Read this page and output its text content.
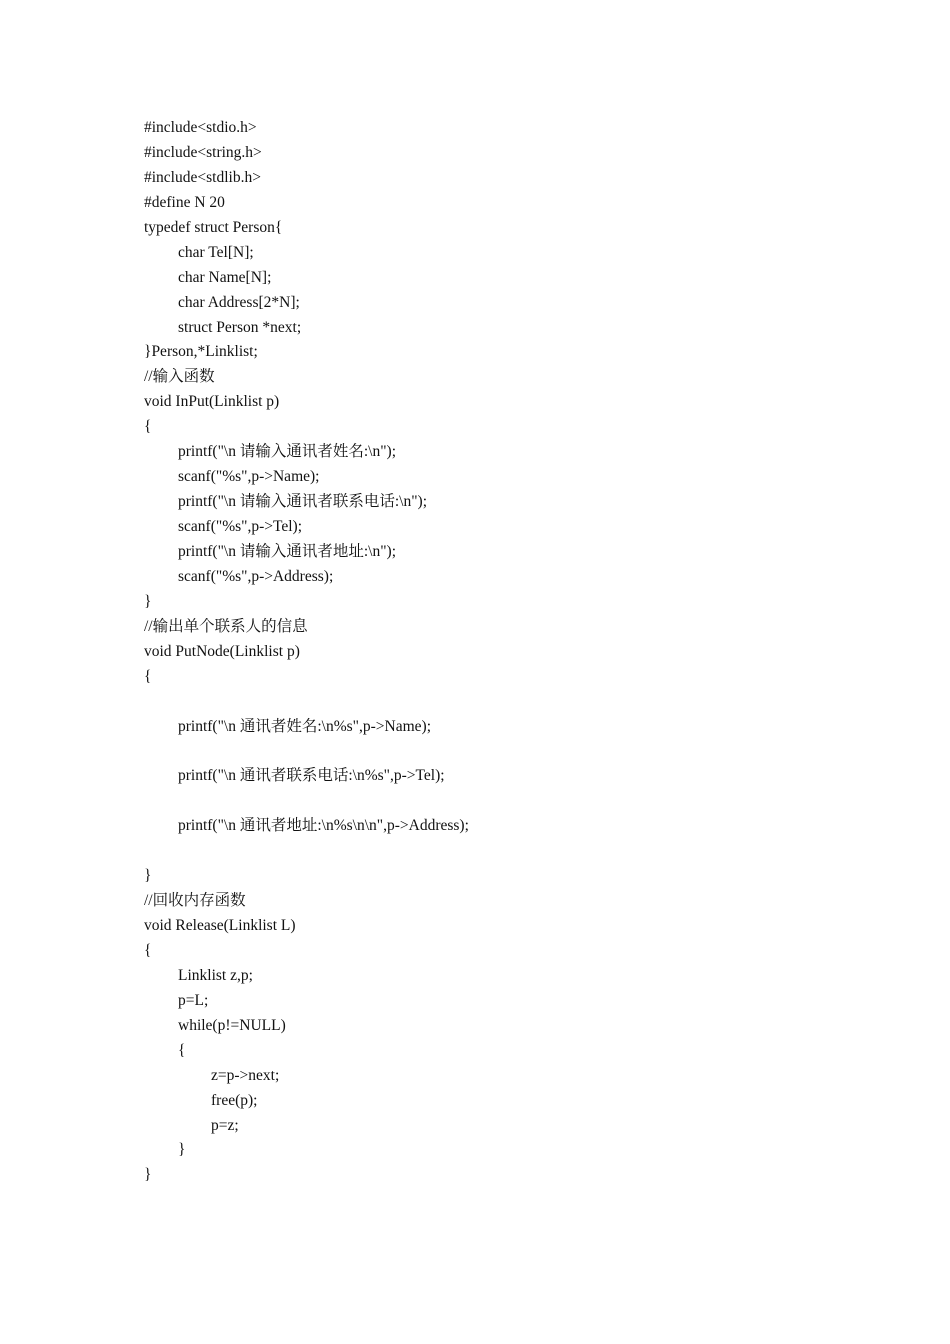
#include<stdio.h>
#include<string.h>
#include<stdlib.h>
#define N 20
typedef struct Person{
char Tel[N];
char Name[N];
char Address[2*N];
struct Person *next;
}Person,*Linklist;
//输入函数
void InPut(Linklist p)
{
printf("\n 请输入通讯者姓名:\n");
scanf("%s",p->Name);
printf("\n 请输入通讯者联系电话:\n");
scanf("%s",p->Tel);
printf("\n 请输入通讯者地址:\n");
scanf("%s",p->Address);
}
//输出单个联系人的信息
void PutNode(Linklist p)
{
printf("\n 通讯者姓名:\n%s",p->Name);
printf("\n 通讯者联系电话:\n%s",p->Tel);
printf("\n 通讯者地址:\n%s\n\n",p->Address);
}
//回收内存函数
void Release(Linklist L)
{
Linklist z,p;
p=L;
while(p!=NULL)
{
z=p->next;
free(p);
p=z;
}
}
